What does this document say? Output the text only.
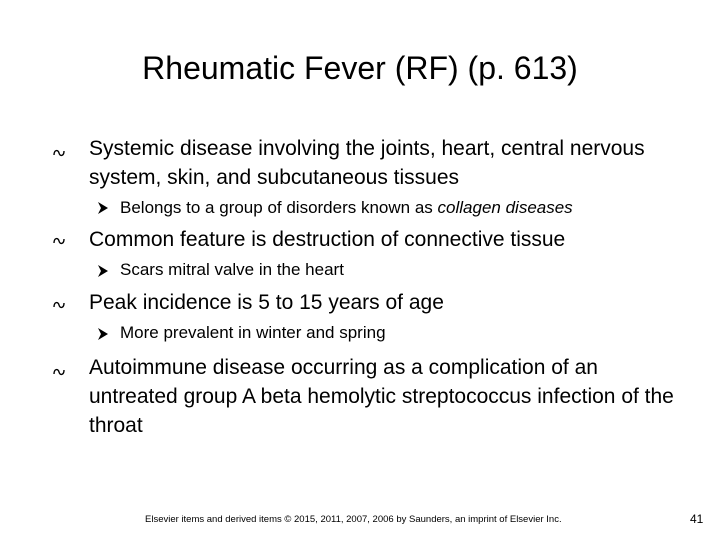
Rheumatic Fever (RF) (p. 613)

Systemic disease involving the joints, heart, central nervous system, skin, and subcutaneous tissues

Belongs to a group of disorders known as collagen diseases

Common feature is destruction of connective tissue

Scars mitral valve in the heart

Peak incidence is 5 to 15 years of age

More prevalent in winter and spring

Autoimmune disease occurring as a complication of an untreated group A beta hemolytic streptococcus infection of the throat

Elsevier items and derived items © 2015, 2011, 2007, 2006 by Saunders, an imprint of Elsevier Inc.	41
